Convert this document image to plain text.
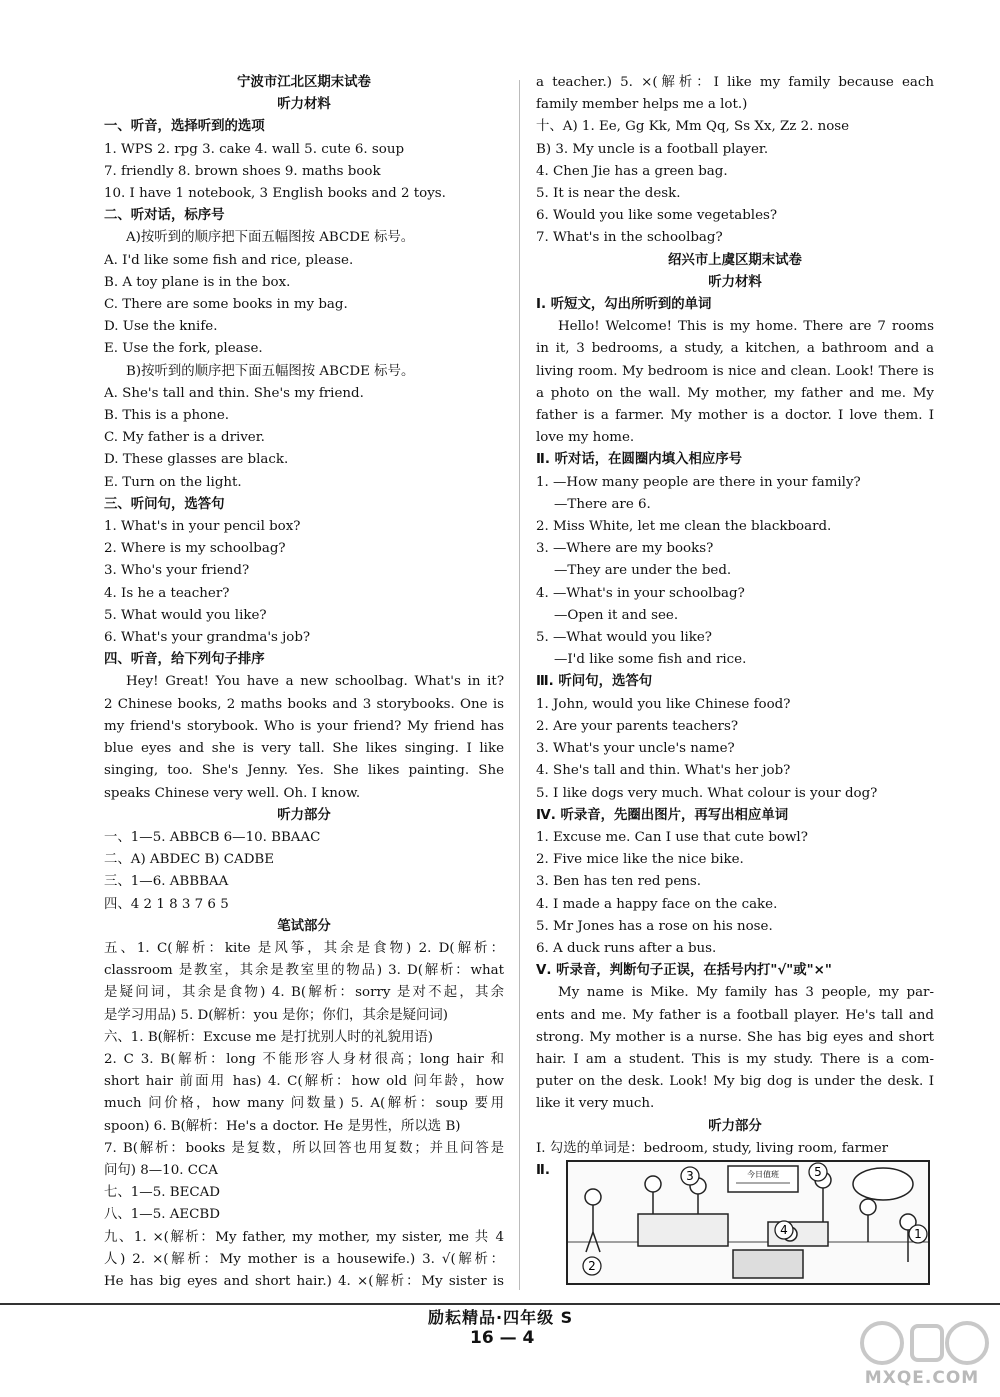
宁波市江北区期末试卷
听力材料
一、听音，选择听到的选项
1. WPS 2. rpg 3. cake 4. wall 5. cute 6. soup
7. friendly 8. brown shoes 9. maths book
10. I have 1 notebook, 3 English books and 2 toys.
二、听对话，标序号
A)按听到的顺序把下面五幅图按 ABCDE 标号。
A. I'd like some fish and rice, please.
B. A toy plane is in the box.
C. There are some books in my bag.
D. Use the knife.
E. Use the fork, please.
B)按听到的顺序把下面五幅图按 ABCDE 标号。
A. She's tall and thin. She's my friend.
B. This is a phone.
C. My father is a driver.
D. These glasses are black.
E. Turn on the light.
三、听问句，选答句
1. What's in your pencil box?
2. Where is my schoolbag?
3. Who's your friend?
4. Is he a teacher?
5. What would you like?
6. What's your grandma's job?
四、听音，给下列句子排序
Hey! Great! You have a new schoolbag. What's in it?
2 Chinese books, 2 maths books and 3 storybooks. One is
my friend's storybook. Who is your friend? My friend has
blue eyes and she is very tall. She likes singing. I like
singing, too. She's Jenny. Yes. She likes painting. She
speaks Chinese very well. Oh. I know.
听力部分
一、1—5. ABBCB 6—10. BBAAC
二、A) ABDEC B) CADBE
三、1—6. ABBBAA
四、4 2 1 8 3 7 6 5
笔试部分
五、1. C(解析：kite 是风筝，其余是食物) 2. D(解析：
classroom 是教室，其余是教室里的物品) 3. D(解析：what
是疑问词，其余是食物) 4. B(解析：sorry 是对不起，其余
是学习用品) 5. D(解析：you 是你；你们，其余是疑问词)
六、1. B(解析：Excuse me 是打扰别人时的礼貌用语)
2. C 3. B(解析：long 不能形容人身材很高；long hair 和
short hair 前面用 has) 4. C(解析：how old 问年龄，how
much 问价格，how many 问数量) 5. A(解析：soup 要用
spoon) 6. B(解析：He's a doctor. He 是男性，所以选 B)
7. B(解析：books 是复数，所以回答也用复数；并且问答是
问句) 8—10. CCA
七、1—5. BECAD
八、1—5. AECBD
九、1. ×(解析：My father, my mother, my sister, me 共 4
人) 2. ×(解析：My mother is a housewife.) 3. √(解析：
He has big eyes and short hair.) 4. ×(解析：My sister is
a teacher.) 5. ×(解析：I like my family because each
family member helps me a lot.)
十、A) 1. Ee, Gg Kk, Mm Qq, Ss Xx, Zz 2. nose
B) 3. My uncle is a football player.
4. Chen Jie has a green bag.
5. It is near the desk.
6. Would you like some vegetables?
7. What's in the schoolbag?
绍兴市上虞区期末试卷
听力材料
Ⅰ. 听短文，勾出所听到的单词
Hello! Welcome! This is my home. There are 7 rooms
in it, 3 bedrooms, a study, a kitchen, a bathroom and a
living room. My bedroom is nice and clean. Look! There is
a photo on the wall. My mother, my father and me. My
father is a farmer. My mother is a doctor. I love them. I
love my home.
Ⅱ. 听对话，在圆圈内填入相应序号
1. —How many people are there in your family?
—There are 6.
2. Miss White, let me clean the blackboard.
3. —Where are my books?
—They are under the bed.
4. —What's in your schoolbag?
—Open it and see.
5. —What would you like?
—I'd like some fish and rice.
Ⅲ. 听问句，选答句
1. John, would you like Chinese food?
2. Are your parents teachers?
3. What's your uncle's name?
4. She's tall and thin. What's her job?
5. I like dogs very much. What colour is your dog?
Ⅳ. 听录音，先圈出图片，再写出相应单词
1. Excuse me. Can I use that cute bowl?
2. Five mice like the nice bike.
3. Ben has ten red pens.
4. I made a happy face on the cake.
5. Mr Jones has a rose on his nose.
6. A duck runs after a bus.
Ⅴ. 听录音，判断句子正误，在括号内打"√"或"×"
My name is Mike. My family has 3 people, my par-
ents and me. My father is a football player. He's tall and
strong. My mother is a nurse. She has big eyes and short
hair. I am a student. This is my study. There is a com-
puter on the desk. Look! My big dog is under the desk. I
like it very much.
听力部分
Ⅰ. 勾选的单词是：bedroom, study, living room, farmer
Ⅱ.	今日值班
3	5
4	1
2
励耘精品·四年级 S
16 — 4
MXQE.COM
